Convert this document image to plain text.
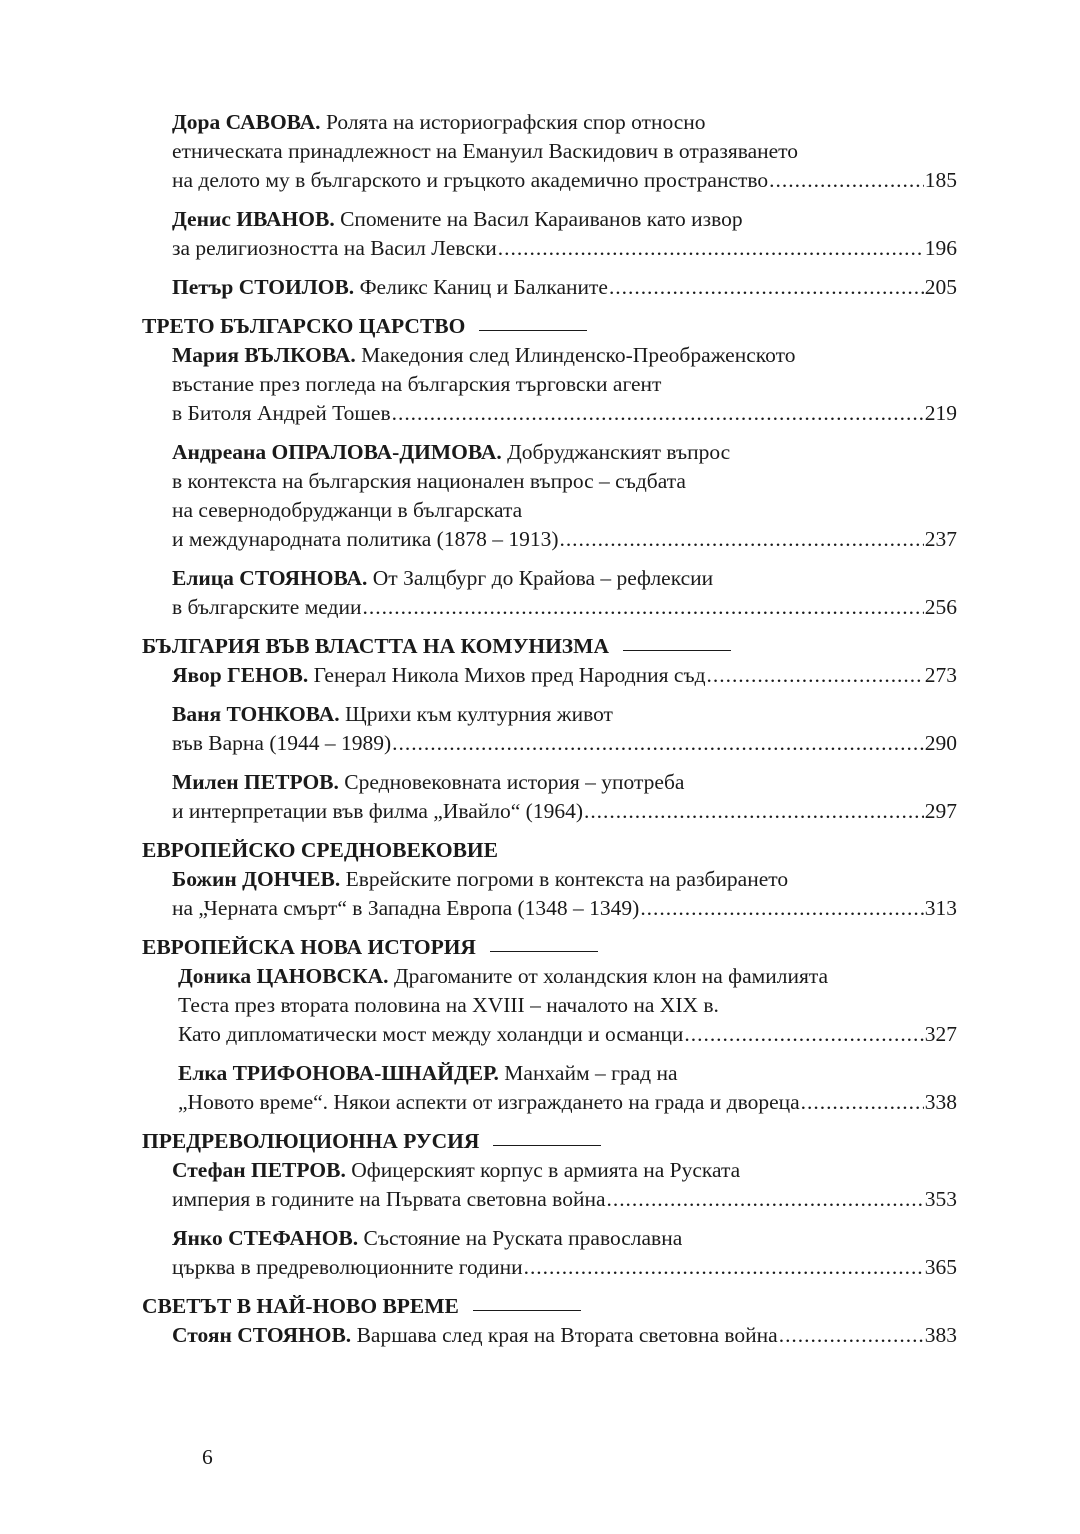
Дора САВОВА. Ролята на историографския спор относно
етническата принадлежност на Емануил Васкидович в отразяването
на делото му в българското и гръцкото академично пространство . . .	185
Денис ИВАНОВ. Спомените на Васил Караиванов като извор
за религиозността на Васил Левски . . .	196
Петър СТОИЛОВ. Феликс Каниц и Балканите . . .	205
ТРЕТО БЪЛГАРСКО ЦАРСТВО
Мария ВЪЛКОВА. Македония след Илинденско-Преображенското
въстание през погледа на българския търговски агент
в Битоля Андрей Тошев . . .	219
Андреана ОПРАЛОВА-ДИМОВА. Добруджанският въпрос
в контекста на българския национален въпрос – съдбата
на севернодобруджанци в българската
и международната политика (1878 – 1913) . . .	237
Елица СТОЯНОВА. От Залцбург до Крайова – рефлексии
в българските медии . . .	256
БЪЛГАРИЯ ВЪВ ВЛАСТТА НА КОМУНИЗМА
Явор ГЕНОВ. Генерал Никола Михов пред Народния съд . . .	273
Ваня ТОНКОВА. Щрихи към културния живот
във Варна (1944 – 1989) . . .	290
Милен ПЕТРОВ. Средновековната история – употреба
и интерпретации във филма „Ивайло“ (1964) . . .	297
ЕВРОПЕЙСКО СРЕДНОВЕКОВИЕ
Божин ДОНЧЕВ. Еврейските погроми в контекста на разбирането
на „Черната смърт“ в Западна Европа (1348 – 1349) . . .	313
ЕВРОПЕЙСКА НОВА ИСТОРИЯ
Доника ЦАНОВСКА. Драгоманите от холандския клон на фамилията
Теста през втората половина на XVIII – началото на XIX в.
Като дипломатически мост между холандци и османци . . .	327
Елка ТРИФОНОВА-ШНАЙДЕР. Манхайм – град на
„Новото време“. Някои аспекти от изграждането на града и двореца . . .	338
ПРЕДРЕВОЛЮЦИОННА РУСИЯ
Стефан ПЕТРОВ. Офицерският корпус в армията на Руската
империя в годините на Първата световна война . . .	353
Янко СТЕФАНОВ. Състояние на Руската православна
църква в предреволюционните години . . .	365
СВЕТЪТ В НАЙ-НОВО ВРЕМЕ
Стоян СТОЯНОВ. Варшава след края на Втората световна война . . .	383
6
